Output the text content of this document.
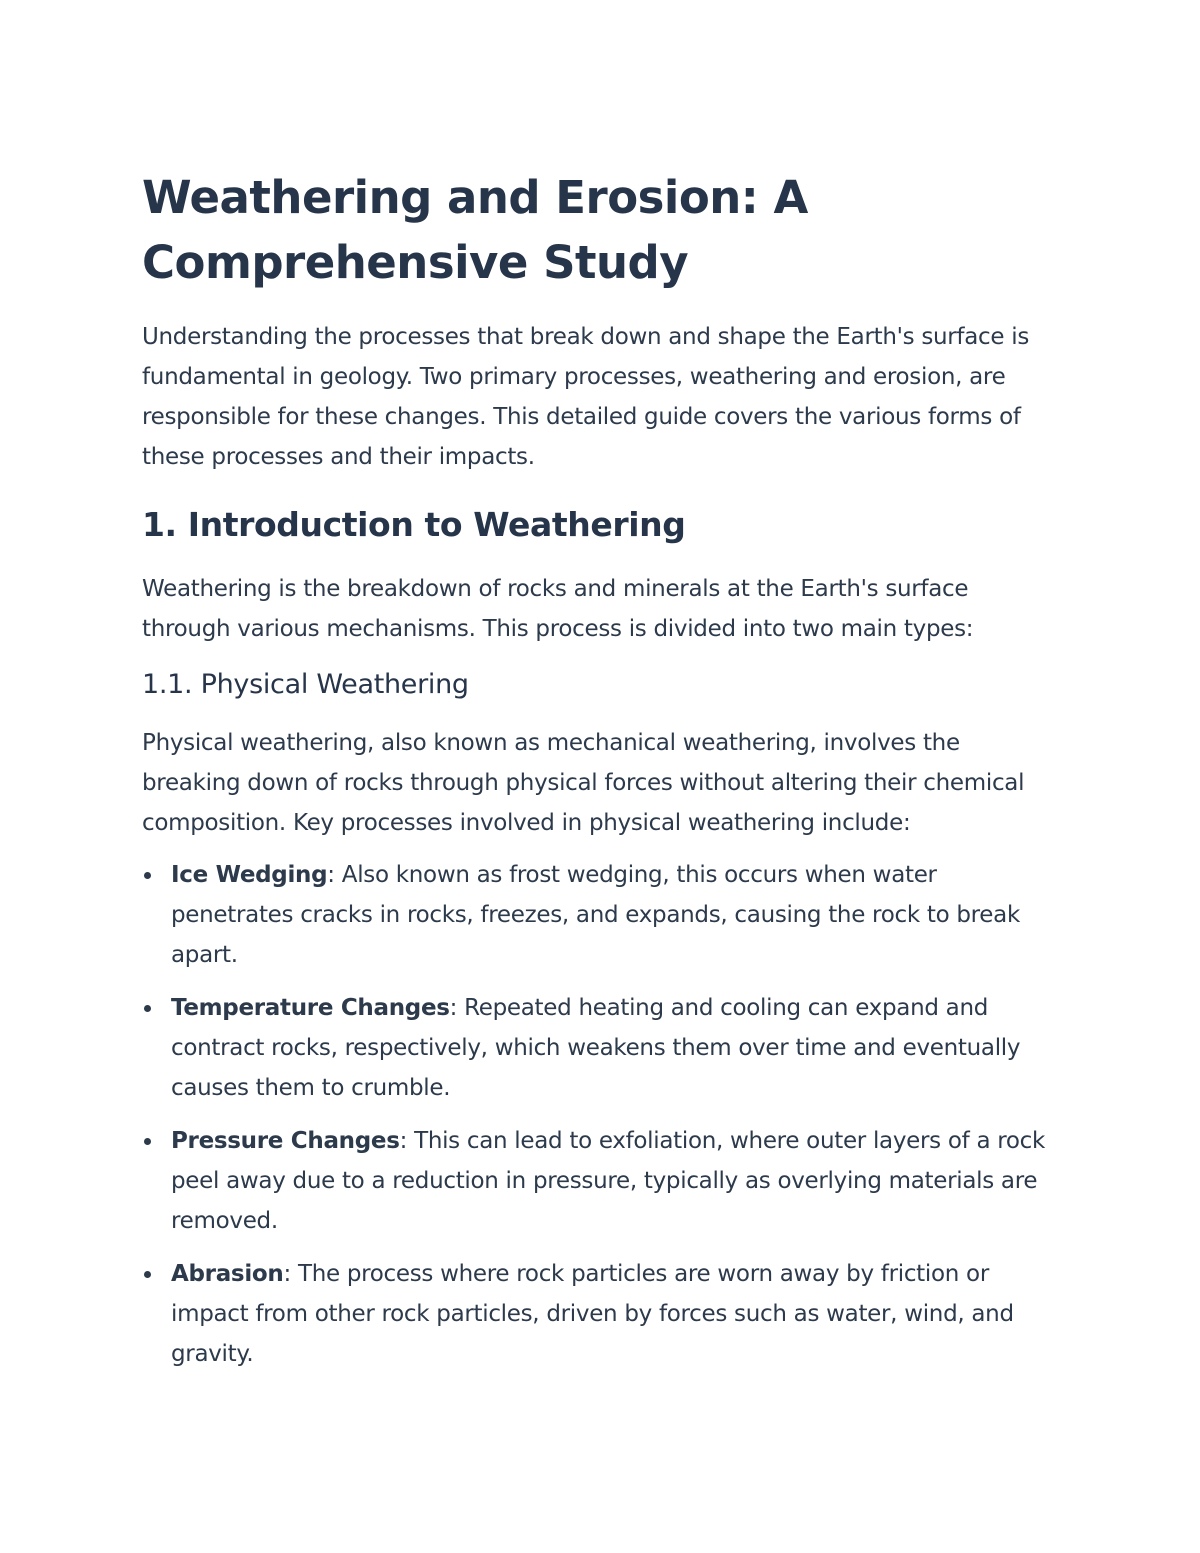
Weathering and Erosion: A Comprehensive Study

Understanding the processes that break down and shape the Earth's surface is fundamental in geology. Two primary processes, weathering and erosion, are responsible for these changes. This detailed guide covers the various forms of these processes and their impacts.

1. Introduction to Weathering

Weathering is the breakdown of rocks and minerals at the Earth's surface through various mechanisms. This process is divided into two main types:

1.1. Physical Weathering

Physical weathering, also known as mechanical weathering, involves the breaking down of rocks through physical forces without altering their chemical composition. Key processes involved in physical weathering include:

Ice Wedging: Also known as frost wedging, this occurs when water penetrates cracks in rocks, freezes, and expands, causing the rock to break apart.
Temperature Changes: Repeated heating and cooling can expand and contract rocks, respectively, which weakens them over time and eventually causes them to crumble.
Pressure Changes: This can lead to exfoliation, where outer layers of a rock peel away due to a reduction in pressure, typically as overlying materials are removed.
Abrasion: The process where rock particles are worn away by friction or impact from other rock particles, driven by forces such as water, wind, and gravity.
